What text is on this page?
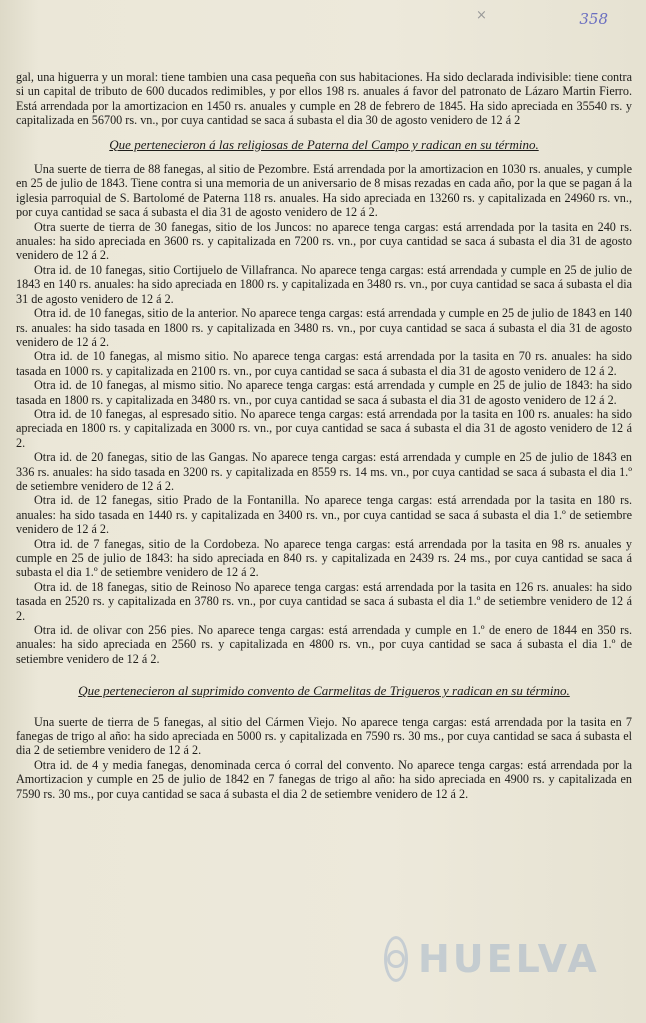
×	358

gal, una higuerra y un moral: tiene tambien una casa pequeña con sus habitaciones. Ha sido declarada indivisible: tiene contra si un capital de tributo de 600 ducados redimibles, y por ellos 198 rs. anuales á favor del patronato de Lázaro Martin Fierro. Está arrendada por la amortizacion en 1450 rs. anuales y cumple en 28 de febrero de 1845. Ha sido apreciada en 35540 rs. y capitalizada en 56700 rs. vn., por cuya cantidad se saca á subasta el dia 30 de agosto venidero de 12 á 2

Que pertenecieron á las religiosas de Paterna del Campo y radican en su término.

Una suerte de tierra de 88 fanegas, al sitio de Pezombre. Está arrendada por la amortizacion en 1030 rs. anuales, y cumple en 25 de julio de 1843. Tiene contra si una memoria de un aniversario de 8 misas rezadas en cada año, por la que se pagan á la iglesia parroquial de S. Bartolomé de Paterna 118 rs. anuales. Ha sido apreciada en 13260 rs. y capitalizada en 24960 rs. vn., por cuya cantidad se saca á subasta el dia 31 de agosto venidero de 12 á 2.

Otra suerte de tierra de 30 fanegas, sitio de los Juncos: no aparece tenga cargas: está arrendada por la tasita en 240 rs. anuales: ha sido apreciada en 3600 rs. y capitalizada en 7200 rs. vn., por cuya cantidad se saca á subasta el dia 31 de agosto venidero de 12 á 2.

Otra id. de 10 fanegas, sitio Cortijuelo de Villafranca. No aparece tenga cargas: está arrendada y cumple en 25 de julio de 1843 en 140 rs. anuales: ha sido apreciada en 1800 rs. y capitalizada en 3480 rs. vn., por cuya cantidad se saca á subasta el dia 31 de agosto venidero de 12 á 2.

Otra id. de 10 fanegas, sitio de la anterior. No aparece tenga cargas: está arrendada y cumple en 25 de julio de 1843 en 140 rs. anuales: ha sido tasada en 1800 rs. y capitalizada en 3480 rs. vn., por cuya cantidad se saca á subasta el dia 31 de agosto venidero de 12 á 2.

Otra id. de 10 fanegas, al mismo sitio. No aparece tenga cargas: está arrendada por la tasita en 70 rs. anuales: ha sido tasada en 1000 rs. y capitalizada en 2100 rs. vn., por cuya cantidad se saca á subasta el dia 31 de agosto venidero de 12 á 2.

Otra id. de 10 fanegas, al mismo sitio. No aparece tenga cargas: está arrendada y cumple en 25 de julio de 1843: ha sido tasada en 1800 rs. y capitalizada en 3480 rs. vn., por cuya cantidad se saca á subasta el dia 31 de agosto venidero de 12 á 2.

Otra id. de 10 fanegas, al espresado sitio. No aparece tenga cargas: está arrendada por la tasita en 100 rs. anuales: ha sido apreciada en 1800 rs. y capitalizada en 3000 rs. vn., por cuya cantidad se saca á subasta el dia 31 de agosto venidero de 12 á 2.

Otra id. de 20 fanegas, sitio de las Gangas. No aparece tenga cargas: está arrendada y cumple en 25 de julio de 1843 en 336 rs. anuales: ha sido tasada en 3200 rs. y capitalizada en 8559 rs. 14 ms. vn., por cuya cantidad se saca á subasta el dia 1.º de setiembre venidero de 12 á 2.

Otra id. de 12 fanegas, sitio Prado de la Fontanilla. No aparece tenga cargas: está arrendada por la tasita en 180 rs. anuales: ha sido tasada en 1440 rs. y capitalizada en 3400 rs. vn., por cuya cantidad se saca á subasta el dia 1.º de setiembre venidero de 12 á 2.

Otra id. de 7 fanegas, sitio de la Cordobeza. No aparece tenga cargas: está arrendada por la tasita en 98 rs. anuales y cumple en 25 de julio de 1843: ha sido apreciada en 840 rs. y capitalizada en 2439 rs. 24 ms., por cuya cantidad se saca á subasta el dia 1.º de setiembre venidero de 12 á 2.

Otra id. de 18 fanegas, sitio de Reinoso No aparece tenga cargas: está arrendada por la tasita en 126 rs. anuales: ha sido tasada en 2520 rs. y capitalizada en 3780 rs. vn., por cuya cantidad se saca á subasta el dia 1.º de setiembre venidero de 12 á 2.

Otra id. de olivar con 256 pies. No aparece tenga cargas: está arrendada y cumple en 1.º de enero de 1844 en 350 rs. anuales: ha sido apreciada en 2560 rs. y capitalizada en 4800 rs. vn., por cuya cantidad se saca á subasta el dia 1.º de setiembre venidero de 12 á 2.

Que pertenecieron al suprimido convento de Carmelitas de Trigueros y radican en su término.

Una suerte de tierra de 5 fanegas, al sitio del Cármen Viejo. No aparece tenga cargas: está arrendada por la tasita en 7 fanegas de trigo al año: ha sido apreciada en 5000 rs. y capitalizada en 7590 rs. 30 ms., por cuya cantidad se saca á subasta el dia 2 de setiembre venidero de 12 á 2.

Otra id. de 4 y media fanegas, denominada cerca ó corral del convento. No aparece tenga cargas: está arrendada por la Amortizacion y cumple en 25 de julio de 1842 en 7 fanegas de trigo al año: ha sido apreciada en 4900 rs. y capitalizada en 7590 rs. 30 ms., por cuya cantidad se saca á subasta el dia 2 de setiembre venidero de 12 á 2.

HUELVA
